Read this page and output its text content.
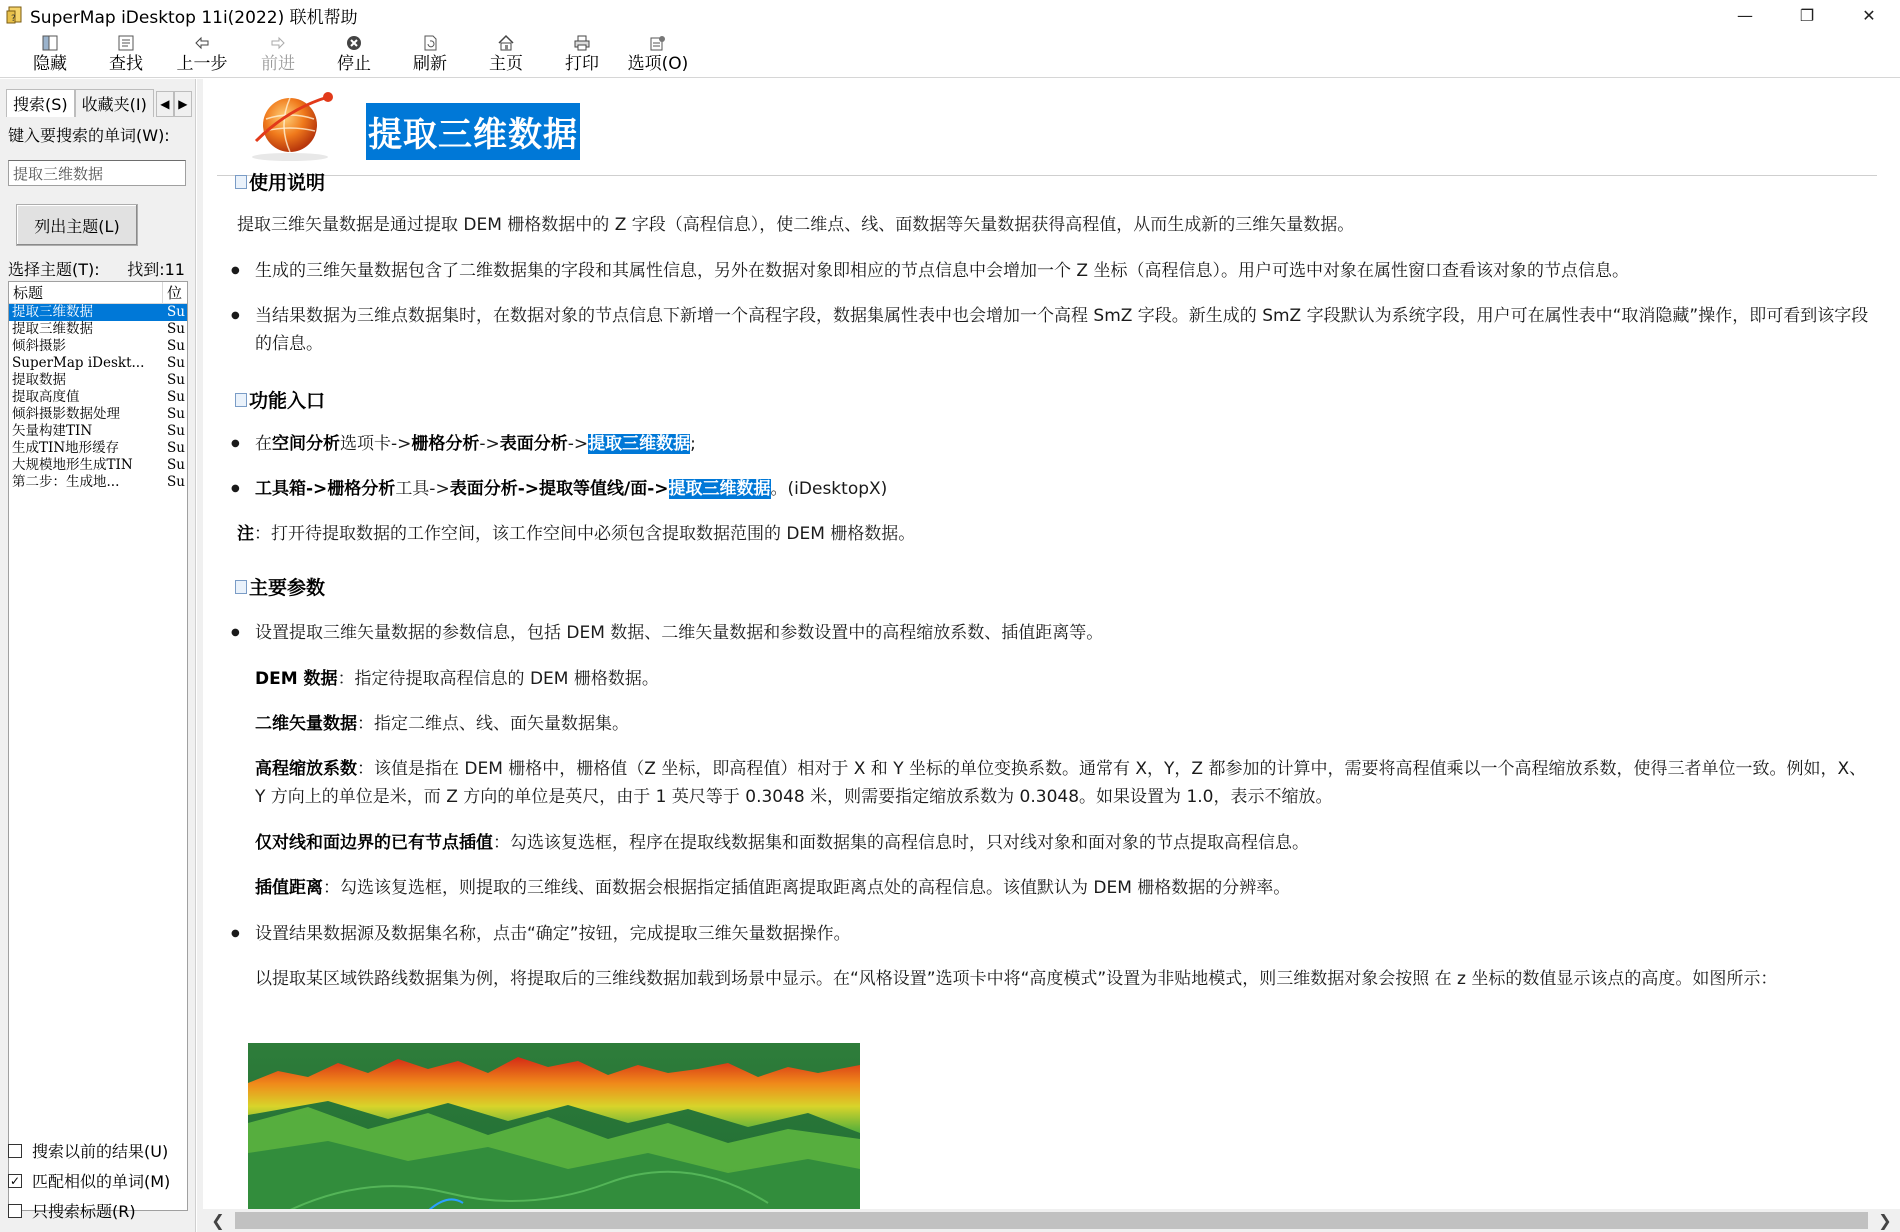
? SuperMap iDesktop 11i(2022) 联机帮助	—	❐	✕
隐藏 查找 上一步 前进 停止 刷新 主页 打印 选项(O)
搜索(S) 收藏夹(I)	◀ ▶
键入要搜索的单词(W):
提取三维数据
列出主题(L)
选择主题(T): 找到:11
标题	位
提取三维数据	Su
提取三维数据	Su
倾斜摄影	Su
SuperMap iDeskt...	Su
提取数据	Su
提取高度值	Su
倾斜摄影数据处理	Su
矢量构建TIN	Su
生成TIN地形缓存	Su
大规模地形生成TIN	Su
第二步：生成地...	Su
搜索以前的结果(U)
✓ 匹配相似的单词(M)
只搜索标题(R)
提取三维数据
使用说明
提取三维矢量数据是通过提取 DEM 栅格数据中的 Z 字段（高程信息），使二维点、线、面数据等矢量数据获得高程值，从而生成新的三维矢量数据。
● 生成的三维矢量数据包含了二维数据集的字段和其属性信息，另外在数据对象即相应的节点信息中会增加一个 Z 坐标（高程信息）。用户可选中对象在属性窗口查看该对象的节点信息。
● 当结果数据为三维点数据集时，在数据对象的节点信息下新增一个高程字段，数据集属性表中也会增加一个高程 SmZ 字段。新生成的 SmZ 字段默认为系统字段，用户可在属性表中“取消隐藏”操作，即可看到该字段的信息。
功能入口
● 在空间分析选项卡->栅格分析->表面分析->提取三维数据;
● 工具箱->栅格分析工具->表面分析->提取等值线/面->提取三维数据。(iDesktopX)
注：打开待提取数据的工作空间，该工作空间中必须包含提取数据范围的 DEM 栅格数据。
主要参数
● 设置提取三维矢量数据的参数信息，包括 DEM 数据、二维矢量数据和参数设置中的高程缩放系数、插值距离等。
DEM 数据：指定待提取高程信息的 DEM 栅格数据。
二维矢量数据：指定二维点、线、面矢量数据集。
高程缩放系数：该值是指在 DEM 栅格中，栅格值（Z 坐标，即高程值）相对于 X 和 Y 坐标的单位变换系数。通常有 X，Y，Z 都参加的计算中，需要将高程值乘以一个高程缩放系数，使得三者单位一致。例如，X、Y 方向上的单位是米，而 Z 方向的单位是英尺，由于 1 英尺等于 0.3048 米，则需要指定缩放系数为 0.3048。如果设置为 1.0，表示不缩放。
仅对线和面边界的已有节点插值：勾选该复选框，程序在提取线数据集和面数据集的高程信息时，只对线对象和面对象的节点提取高程信息。
插值距离：勾选该复选框，则提取的三维线、面数据会根据指定插值距离提取距离点处的高程信息。该值默认为 DEM 栅格数据的分辨率。
● 设置结果数据源及数据集名称，点击“确定”按钮，完成提取三维矢量数据操作。
以提取某区域铁路线数据集为例，将提取后的三维线数据加载到场景中显示。在“风格设置”选项卡中将“高度模式”设置为非贴地模式，则三维数据对象会按照 在 z 坐标的数值显示该点的高度。如图所示：
❮	❯
